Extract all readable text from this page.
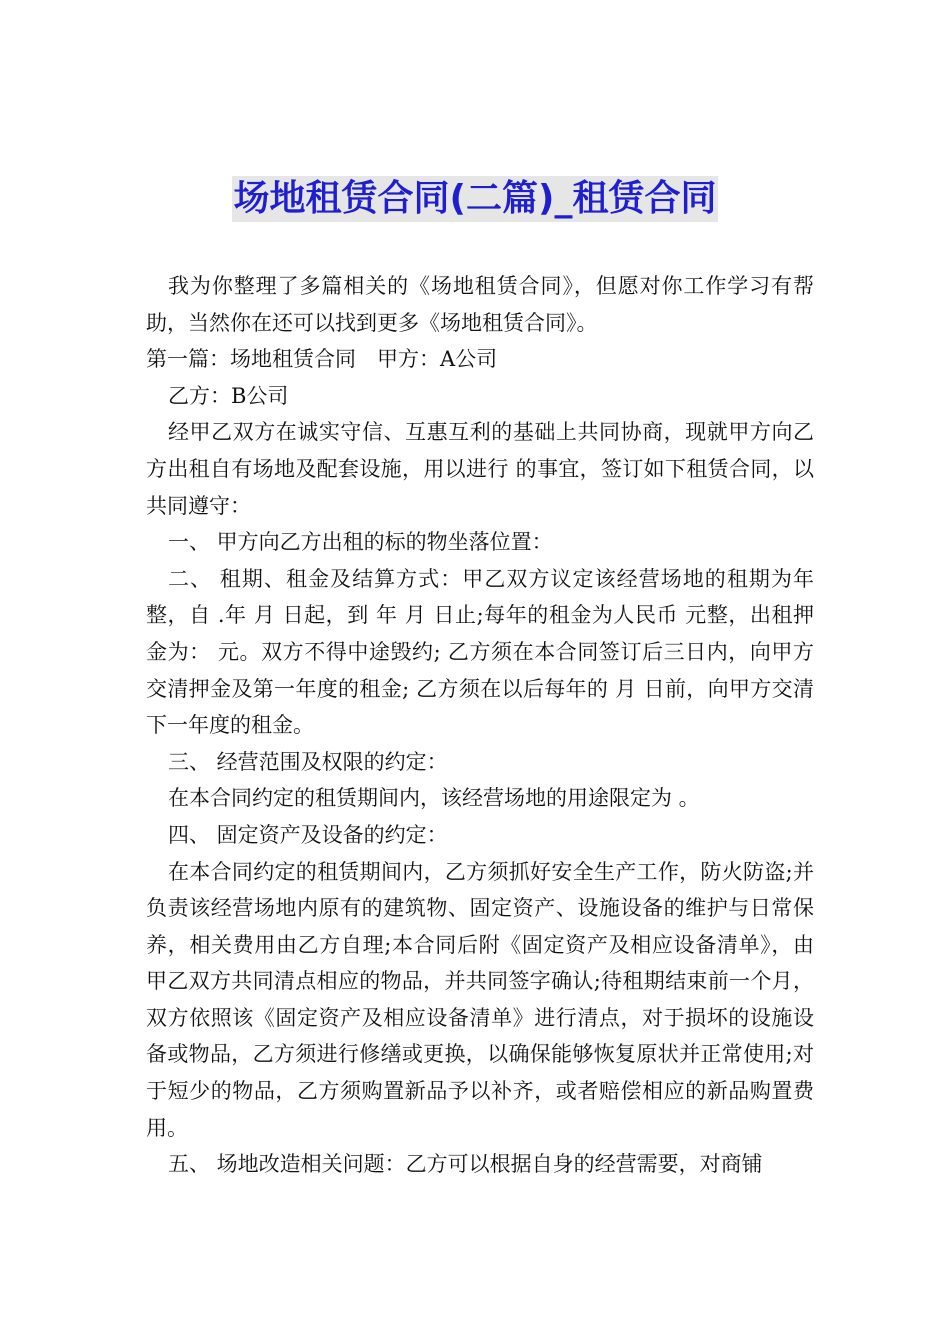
场地租赁合同(二篇)_租赁合同

我为你整理了多篇相关的《场地租赁合同》，但愿对你工作学习有帮助，当然你在还可以找到更多《场地租赁合同》。

第一篇：场地租赁合同　甲方：A公司

乙方：B公司

经甲乙双方在诚实守信、互惠互利的基础上共同协商，现就甲方向乙方出租自有场地及配套设施，用以进行 的事宜，签订如下租赁合同，以共同遵守：

一、 甲方向乙方出租的标的物坐落位置：

二、 租期、租金及结算方式：甲乙双方议定该经营场地的租期为年整，自 .年 月 日起，到 年 月 日止;每年的租金为人民币 元整，出租押金为： 元。双方不得中途毁约; 乙方须在本合同签订后三日内，向甲方交清押金及第一年度的租金; 乙方须在以后每年的 月 日前，向甲方交清下一年度的租金。

三、 经营范围及权限的约定：

在本合同约定的租赁期间内，该经营场地的用途限定为 。

四、 固定资产及设备的约定：

在本合同约定的租赁期间内，乙方须抓好安全生产工作，防火防盗;并负责该经营场地内原有的建筑物、固定资产、设施设备的维护与日常保养，相关费用由乙方自理;本合同后附《固定资产及相应设备清单》，由甲乙双方共同清点相应的物品，并共同签字确认;待租期结束前一个月，双方依照该《固定资产及相应设备清单》进行清点，对于损坏的设施设备或物品，乙方须进行修缮或更换，以确保能够恢复原状并正常使用;对于短少的物品，乙方须购置新品予以补齐，或者赔偿相应的新品购置费用。

五、 场地改造相关问题：乙方可以根据自身的经营需要，对商铺
